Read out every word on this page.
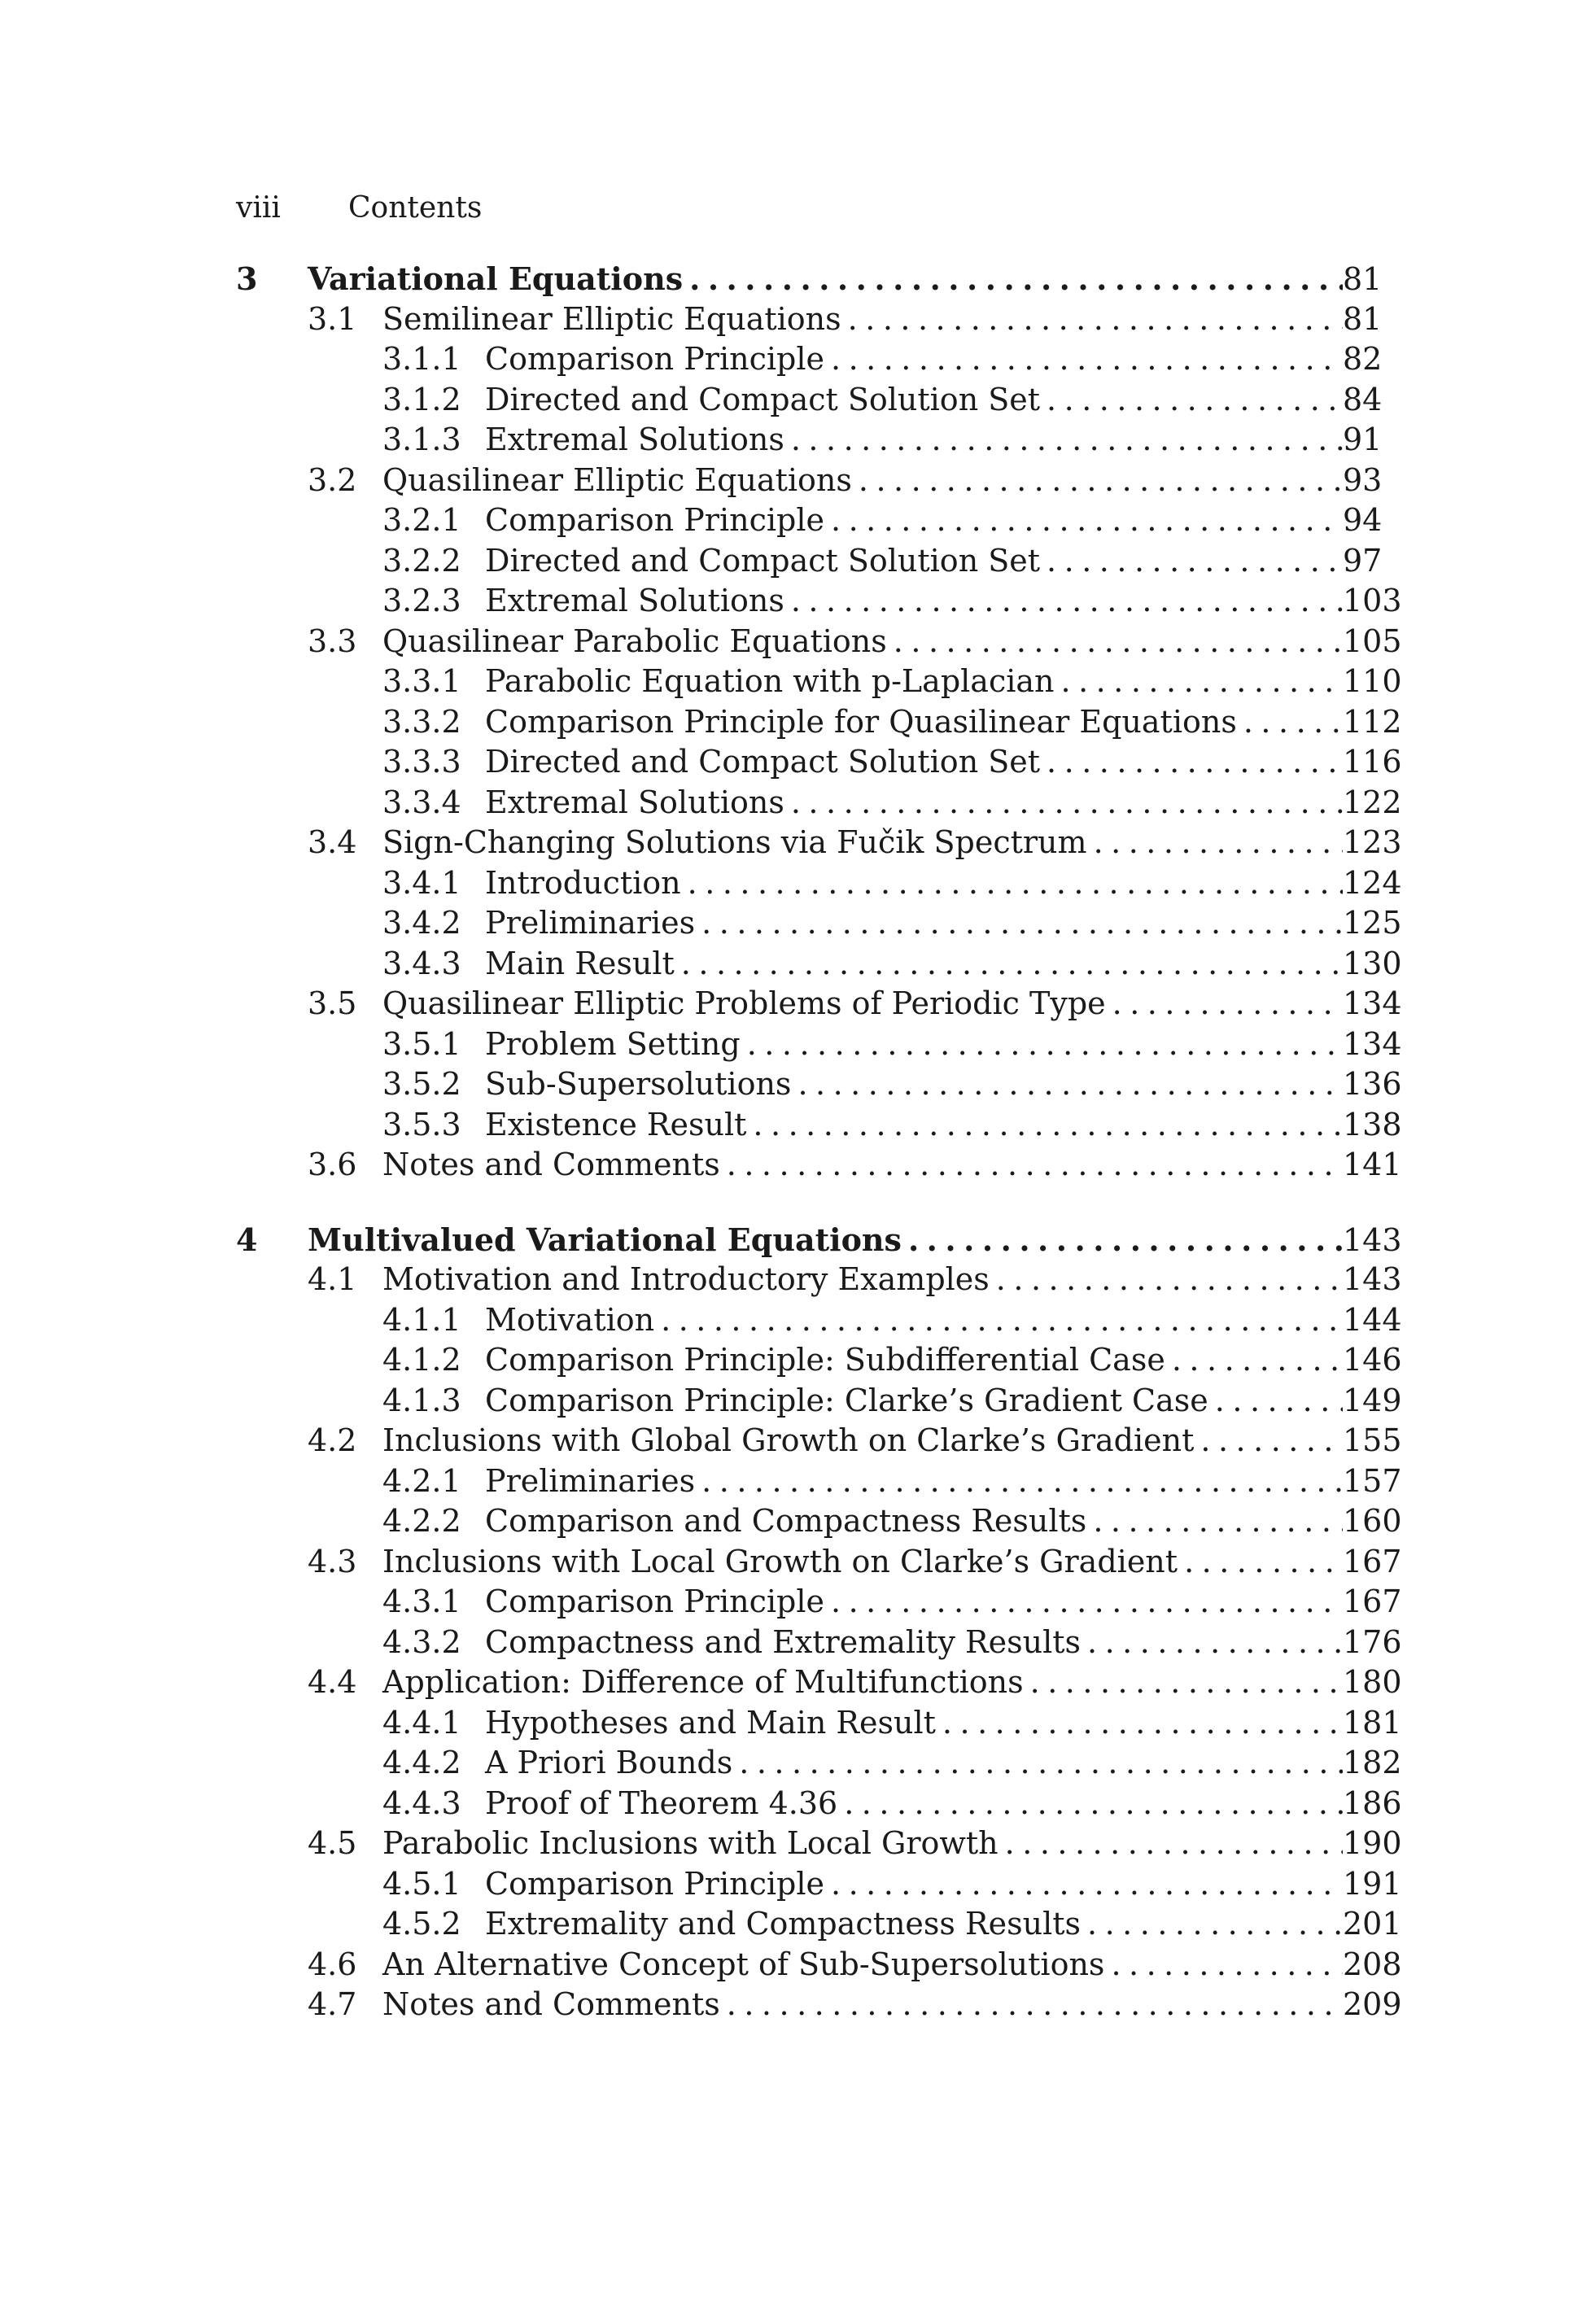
viii	Contents
3 Variational Equations .....	81
3.1 Semilinear Elliptic Equations .....	81
3.1.1 Comparison Principle .....	82
3.1.2 Directed and Compact Solution Set .....	84
3.1.3 Extremal Solutions .....	91
3.2 Quasilinear Elliptic Equations .....	93
3.2.1 Comparison Principle .....	94
3.2.2 Directed and Compact Solution Set .....	97
3.2.3 Extremal Solutions .....	103
3.3 Quasilinear Parabolic Equations .....	105
3.3.1 Parabolic Equation with p-Laplacian .....	110
3.3.2 Comparison Principle for Quasilinear Equations .....	112
3.3.3 Directed and Compact Solution Set .....	116
3.3.4 Extremal Solutions .....	122
3.4 Sign-Changing Solutions via Fučik Spectrum .....	123
3.4.1 Introduction .....	124
3.4.2 Preliminaries .....	125
3.4.3 Main Result .....	130
3.5 Quasilinear Elliptic Problems of Periodic Type .....	134
3.5.1 Problem Setting .....	134
3.5.2 Sub-Supersolutions .....	136
3.5.3 Existence Result .....	138
3.6 Notes and Comments .....	141
4 Multivalued Variational Equations .....	143
4.1 Motivation and Introductory Examples .....	143
4.1.1 Motivation .....	144
4.1.2 Comparison Principle: Subdifferential Case .....	146
4.1.3 Comparison Principle: Clarke’s Gradient Case .....	149
4.2 Inclusions with Global Growth on Clarke’s Gradient .....	155
4.2.1 Preliminaries .....	157
4.2.2 Comparison and Compactness Results .....	160
4.3 Inclusions with Local Growth on Clarke’s Gradient .....	167
4.3.1 Comparison Principle .....	167
4.3.2 Compactness and Extremality Results .....	176
4.4 Application: Difference of Multifunctions .....	180
4.4.1 Hypotheses and Main Result .....	181
4.4.2 A Priori Bounds .....	182
4.4.3 Proof of Theorem 4.36 .....	186
4.5 Parabolic Inclusions with Local Growth .....	190
4.5.1 Comparison Principle .....	191
4.5.2 Extremality and Compactness Results .....	201
4.6 An Alternative Concept of Sub-Supersolutions .....	208
4.7 Notes and Comments .....	209
